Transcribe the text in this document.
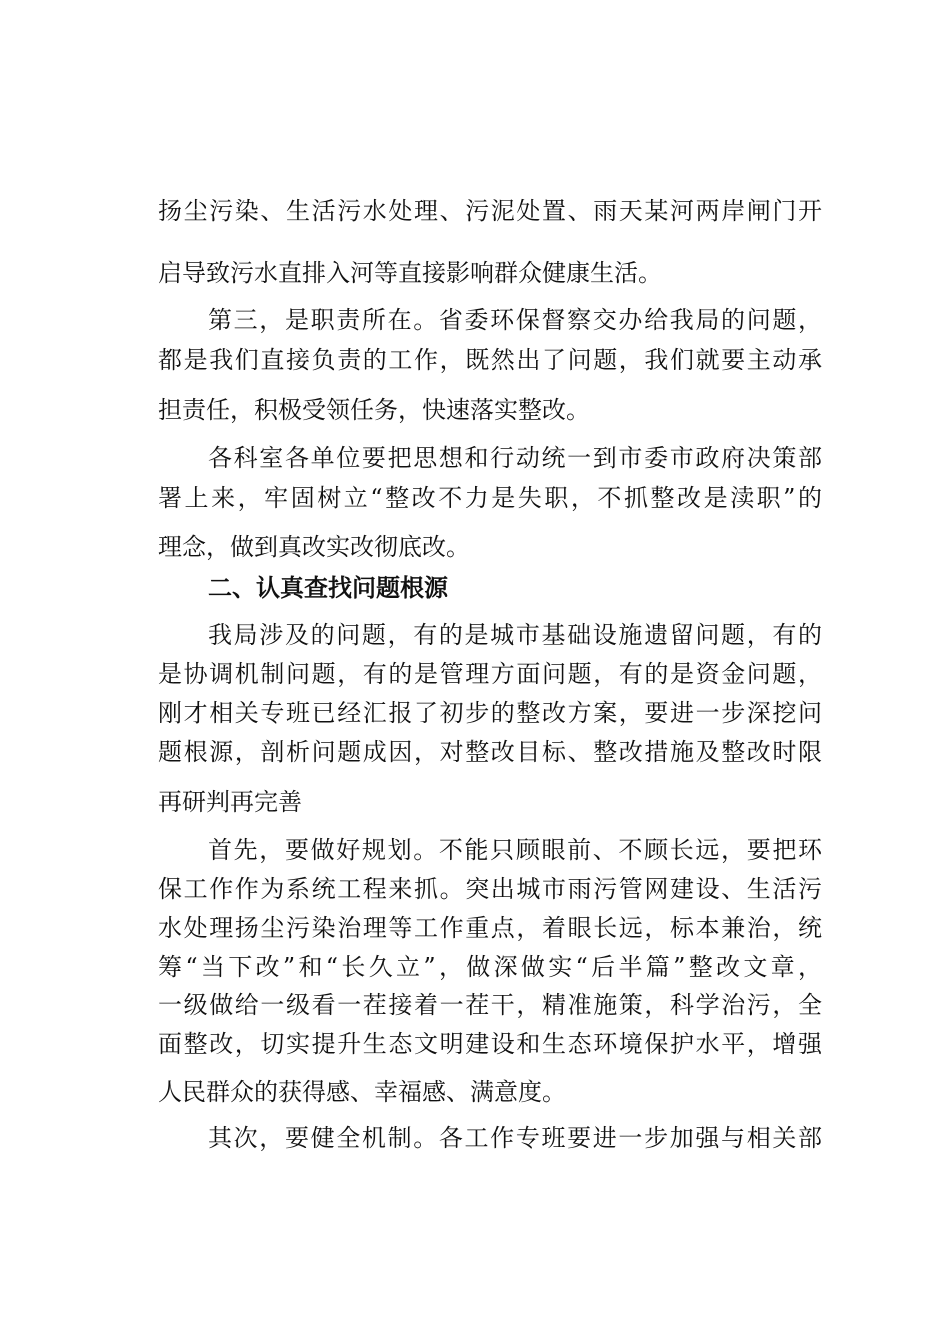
扬尘污染、生活污水处理、污泥处置、雨天某河两岸闸门开
启导致污水直排入河等直接影响群众健康生活。
第三，是职责所在。省委环保督察交办给我局的问题，
都是我们直接负责的工作，既然出了问题，我们就要主动承
担责任，积极受领任务，快速落实整改。
各科室各单位要把思想和行动统一到市委市政府决策部
署上来，牢固树立“整改不力是失职，不抓整改是渎职”的
理念，做到真改实改彻底改。
二、认真查找问题根源
我局涉及的问题，有的是城市基础设施遗留问题，有的
是协调机制问题，有的是管理方面问题，有的是资金问题，
刚才相关专班已经汇报了初步的整改方案，要进一步深挖问
题根源，剖析问题成因，对整改目标、整改措施及整改时限
再研判再完善
首先，要做好规划。不能只顾眼前、不顾长远，要把环
保工作作为系统工程来抓。突出城市雨污管网建设、生活污
水处理扬尘污染治理等工作重点，着眼长远，标本兼治，统
筹“当下改”和“长久立”，做深做实“后半篇”整改文章，
一级做给一级看一茬接着一茬干，精准施策，科学治污，全
面整改，切实提升生态文明建设和生态环境保护水平，增强
人民群众的获得感、幸福感、满意度。
其次，要健全机制。各工作专班要进一步加强与相关部
